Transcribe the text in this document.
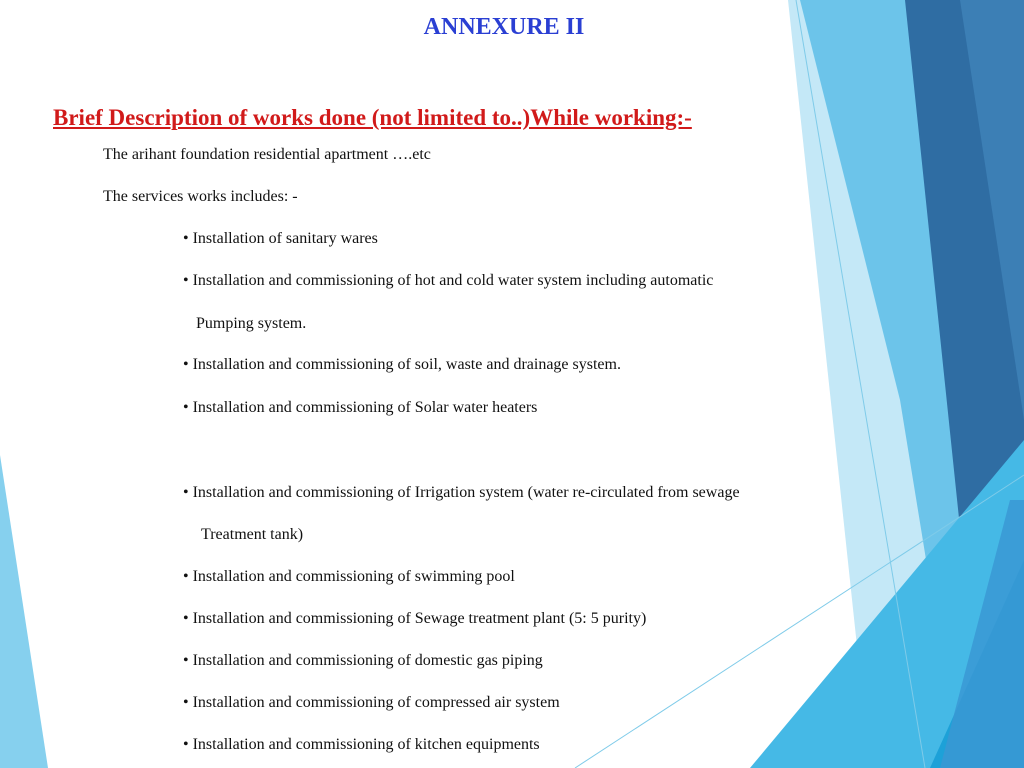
ANNEXURE II
Brief Description of works done (not limited to..)While working:-

The arihant foundation residential apartment ….etc

The services works includes: -

• Installation of sanitary wares

• Installation and commissioning of hot and cold water system including automatic

Pumping system.

• Installation and commissioning of soil, waste and drainage system.

• Installation and commissioning of Solar water heaters

• Installation and commissioning of Irrigation system (water re-circulated from sewage

Treatment tank)

• Installation and commissioning of swimming pool

• Installation and commissioning of Sewage treatment plant (5: 5 purity)

• Installation and commissioning of domestic gas piping

• Installation and commissioning of compressed air system

• Installation and commissioning of kitchen equipments
